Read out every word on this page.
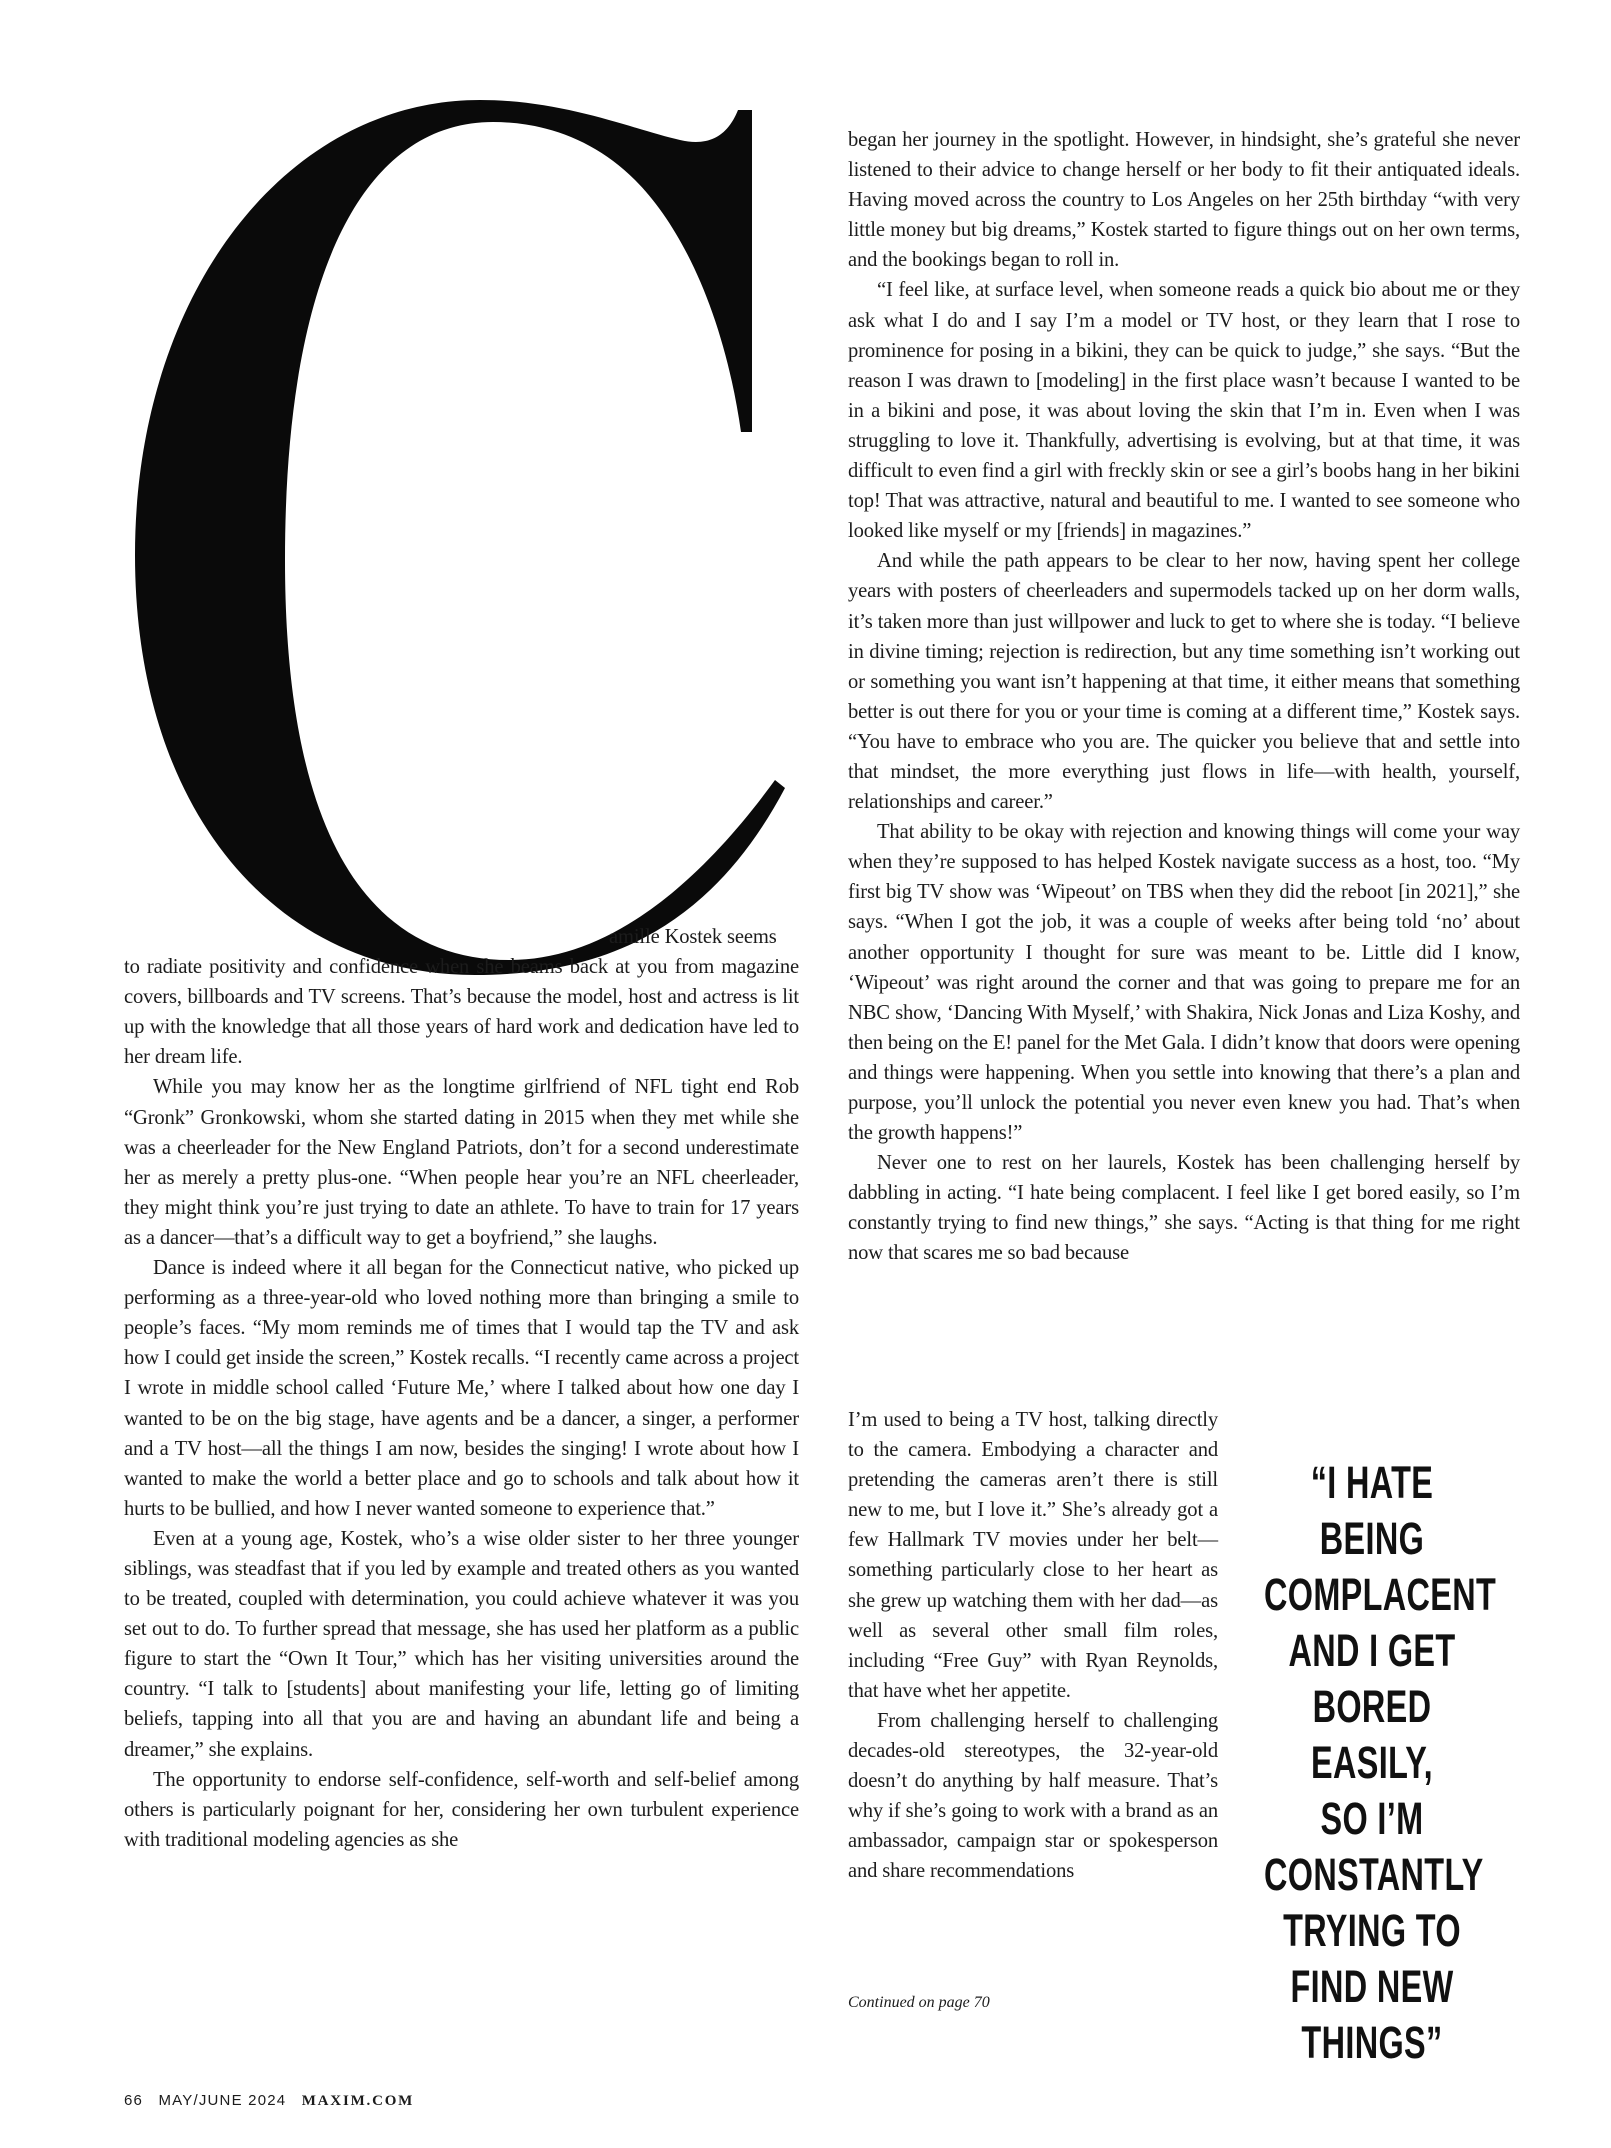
amille Kostek seems
to radiate positivity and confidence when she beams back at you from magazine covers, billboards and TV screens. That’s because the model, host and actress is lit up with the knowledge that all those years of hard work and dedication have led to her dream life.

While you may know her as the longtime girlfriend of NFL tight end Rob “Gronk” Gronkowski, whom she started dating in 2015 when they met while she was a cheerleader for the New England Patriots, don’t for a second underestimate her as merely a pretty plus-one. “When people hear you’re an NFL cheerleader, they might think you’re just trying to date an athlete. To have to train for 17 years as a dancer—that’s a difficult way to get a boyfriend,” she laughs.

Dance is indeed where it all began for the Connecticut native, who picked up performing as a three-year-old who loved nothing more than bringing a smile to people’s faces. “My mom reminds me of times that I would tap the TV and ask how I could get inside the screen,” Kostek recalls. “I recently came across a project I wrote in middle school called ‘Future Me,’ where I talked about how one day I wanted to be on the big stage, have agents and be a dancer, a singer, a performer and a TV host—all the things I am now, besides the singing! I wrote about how I wanted to make the world a better place and go to schools and talk about how it hurts to be bullied, and how I never wanted someone to experience that.”

Even at a young age, Kostek, who’s a wise older sister to her three younger siblings, was steadfast that if you led by example and treated others as you wanted to be treated, coupled with determination, you could achieve whatever it was you set out to do. To further spread that message, she has used her platform as a public figure to start the “Own It Tour,” which has her visiting universities around the country. “I talk to [students] about manifesting your life, letting go of limiting beliefs, tapping into all that you are and having an abundant life and being a dreamer,” she explains.

The opportunity to endorse self-confidence, self-worth and self-belief among others is particularly poignant for her, considering her own turbulent experience with traditional modeling agencies as she

began her journey in the spotlight. However, in hindsight, she’s grateful she never listened to their advice to change herself or her body to fit their antiquated ideals. Having moved across the country to Los Angeles on her 25th birthday “with very little money but big dreams,” Kostek started to figure things out on her own terms, and the bookings began to roll in.

“I feel like, at surface level, when someone reads a quick bio about me or they ask what I do and I say I’m a model or TV host, or they learn that I rose to prominence for posing in a bikini, they can be quick to judge,” she says. “But the reason I was drawn to [modeling] in the first place wasn’t because I wanted to be in a bikini and pose, it was about loving the skin that I’m in. Even when I was struggling to love it. Thankfully, advertising is evolving, but at that time, it was difficult to even find a girl with freckly skin or see a girl’s boobs hang in her bikini top! That was attractive, natural and beautiful to me. I wanted to see someone who looked like myself or my [friends] in magazines.”

And while the path appears to be clear to her now, having spent her college years with posters of cheerleaders and supermodels tacked up on her dorm walls, it’s taken more than just willpower and luck to get to where she is today. “I believe in divine timing; rejection is redirection, but any time something isn’t working out or something you want isn’t happening at that time, it either means that something better is out there for you or your time is coming at a different time,” Kostek says. “You have to embrace who you are. The quicker you believe that and settle into that mindset, the more everything just flows in life—with health, yourself, relationships and career.”

That ability to be okay with rejection and knowing things will come your way when they’re supposed to has helped Kostek navigate success as a host, too. “My first big TV show was ‘Wipeout’ on TBS when they did the reboot [in 2021],” she says. “When I got the job, it was a couple of weeks after being told ‘no’ about another opportunity I thought for sure was meant to be. Little did I know, ‘Wipeout’ was right around the corner and that was going to prepare me for an NBC show, ‘Dancing With Myself,’ with Shakira, Nick Jonas and Liza Koshy, and then being on the E! panel for the Met Gala. I didn’t know that doors were opening and things were happening. When you settle into knowing that there’s a plan and purpose, you’ll unlock the potential you never even knew you had. That’s when the growth happens!”

Never one to rest on her laurels, Kostek has been challenging herself by dabbling in acting. “I hate being complacent. I feel like I get bored easily, so I’m constantly trying to find new things,” she says. “Acting is that thing for me right now that scares me so bad because

I’m used to being a TV host, talking directly to the camera. Embodying a character and pretending the cameras aren’t there is still new to me, but I love it.” She’s already got a few Hallmark TV movies under her belt—something particularly close to her heart as she grew up watching them with her dad—as well as several other small film roles, including “Free Guy” with Ryan Reynolds, that have whet her appetite.

From challenging herself to challenging decades-old stereotypes, the 32-year-old doesn’t do anything by half measure. That’s why if she’s going to work with a brand as an ambassador, campaign star or spokesperson and share recommendations

“I HATE BEING
COMPLACENT
AND I GET
BORED EASILY,
SO I’M
CONSTANTLY
TRYING TO
FIND NEW
THINGS”
Continued on page 70
66 MAY/JUNE 2024 MAXIM.COM
